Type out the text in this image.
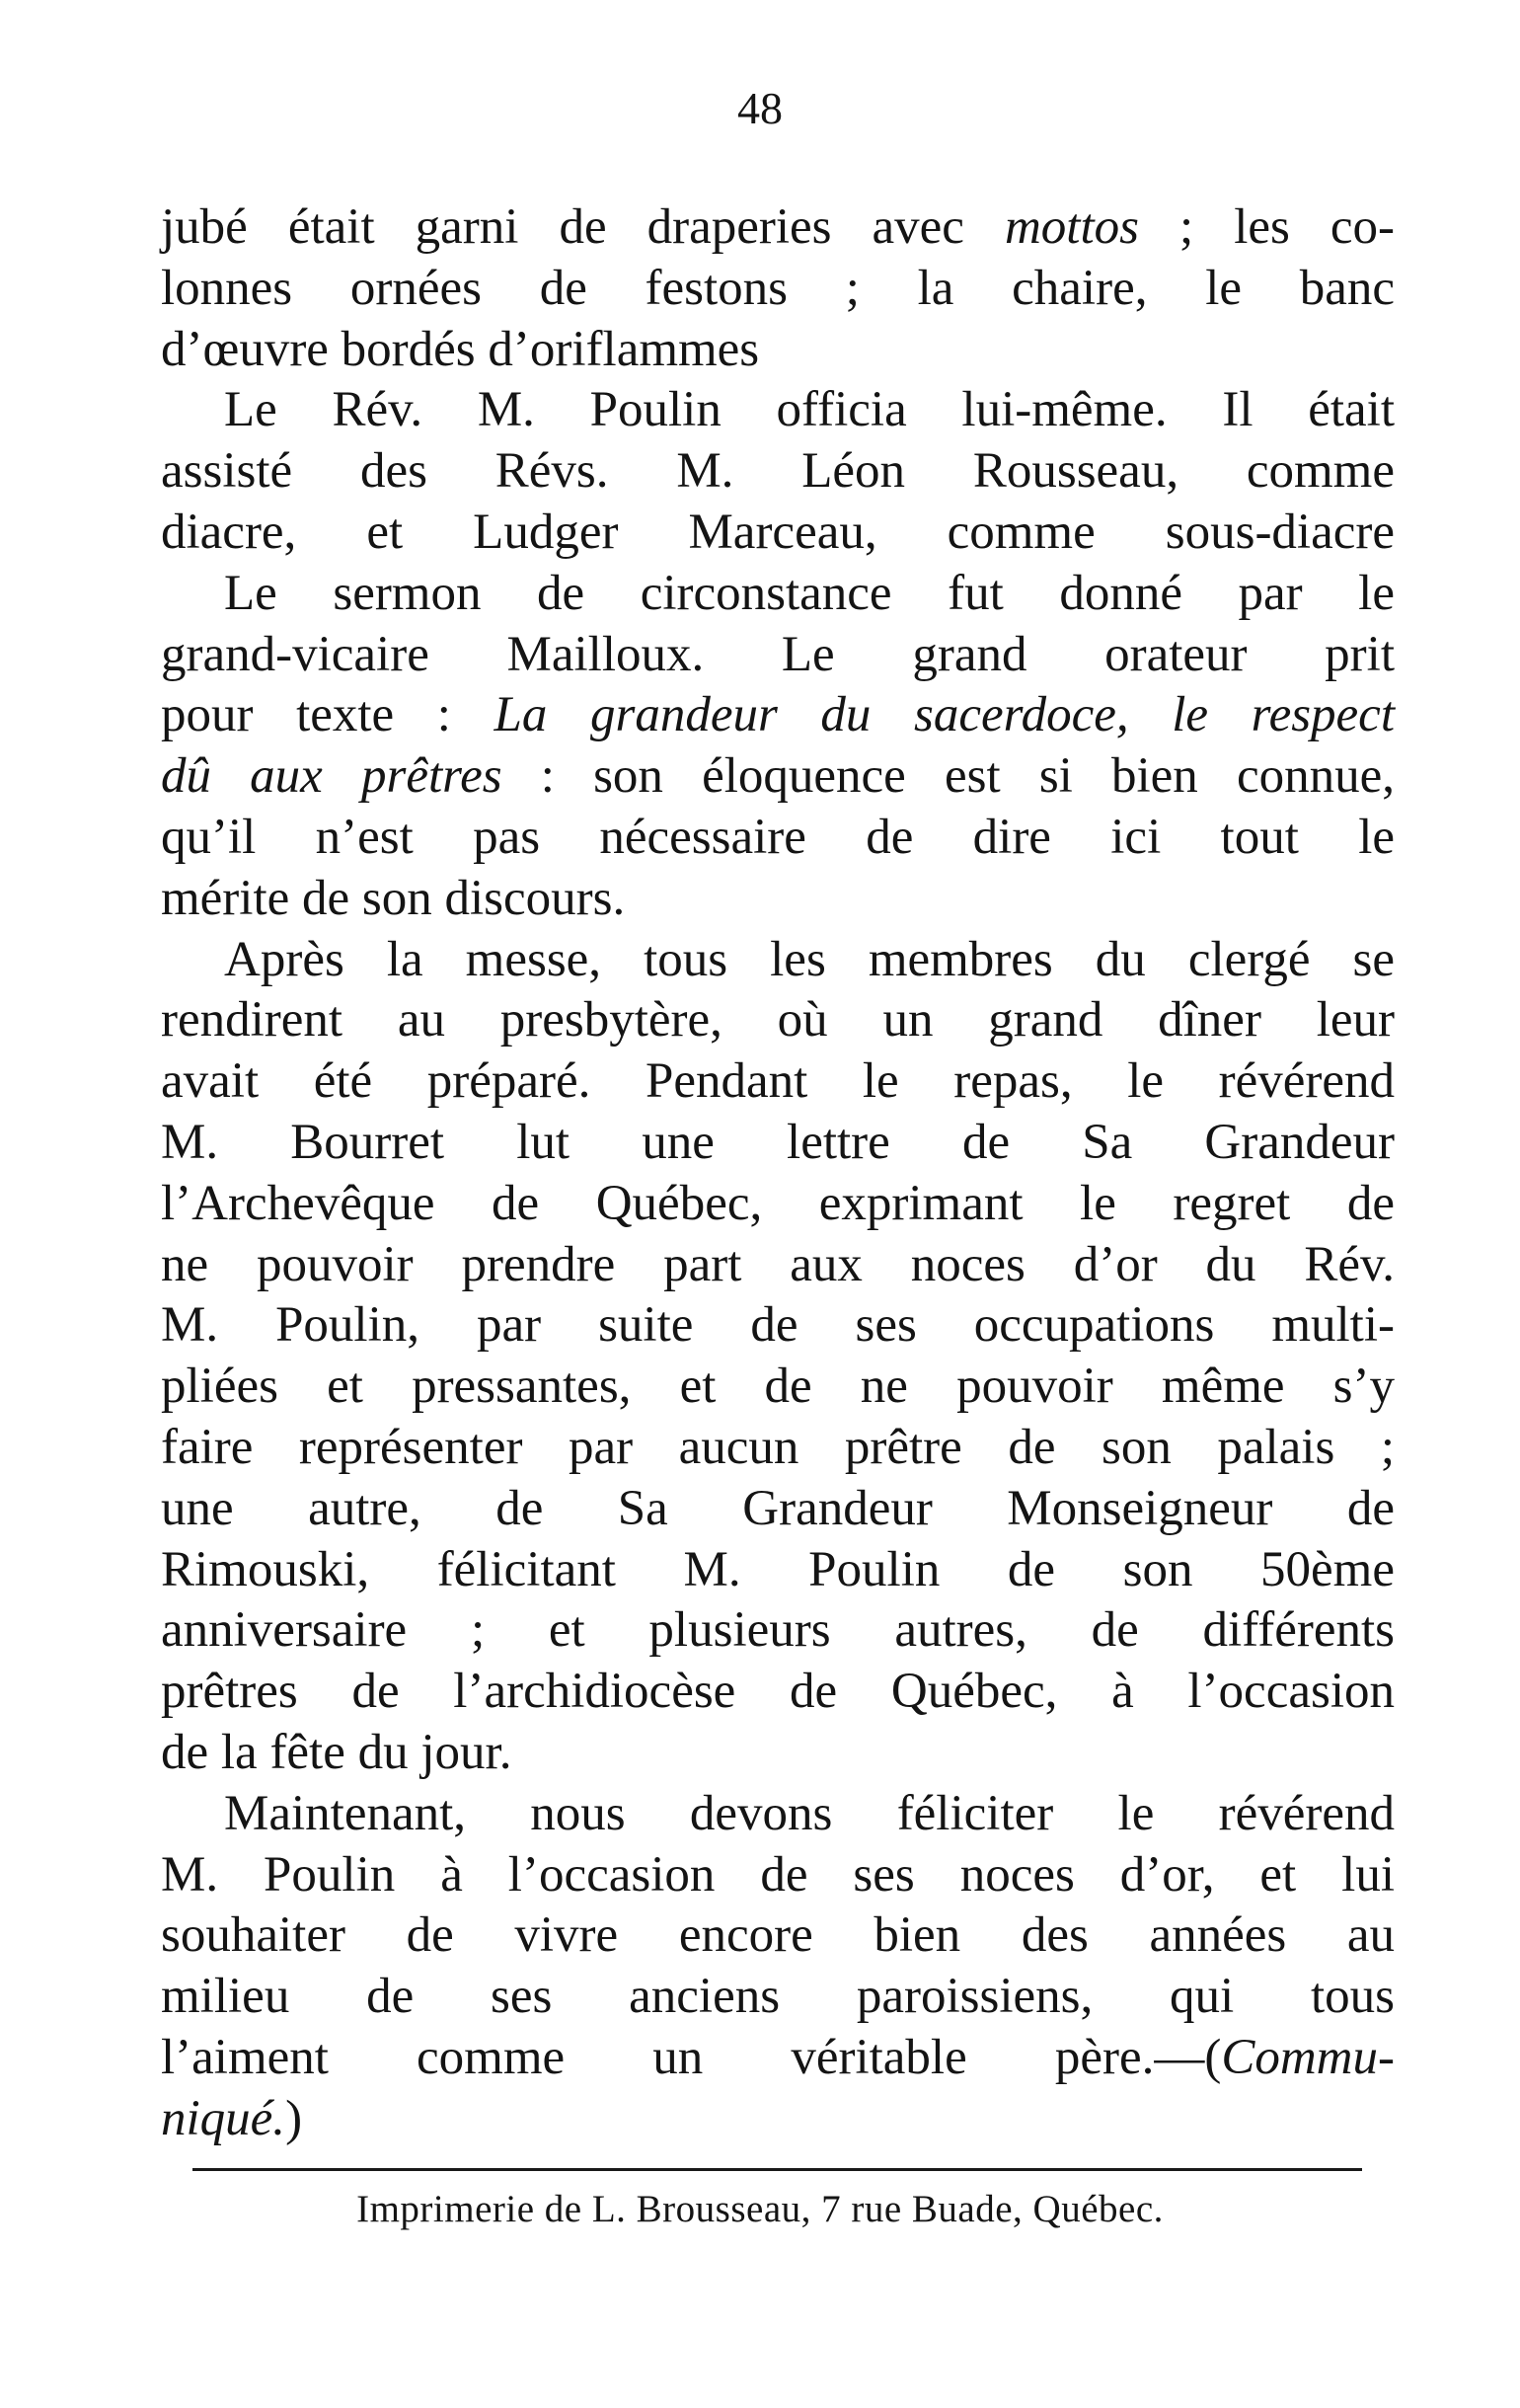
48
jubé était garni de draperies avec mottos ; les co-
lonnes ornées de festons ; la chaire, le banc
d’œuvre bordés d’oriflammes
Le Rév. M. Poulin officia lui-même. Il était
assisté des Révs. M. Léon Rousseau, comme
diacre, et Ludger Marceau, comme sous-diacre
Le sermon de circonstance fut donné par le
grand-vicaire Mailloux. Le grand orateur prit
pour texte : La grandeur du sacerdoce, le respect
dû aux prêtres : son éloquence est si bien connue,
qu’il n’est pas nécessaire de dire ici tout le
mérite de son discours.
Après la messe, tous les membres du clergé se
rendirent au presbytère, où un grand dîner leur
avait été préparé. Pendant le repas, le révérend
M. Bourret lut une lettre de Sa Grandeur
l’Archevêque de Québec, exprimant le regret de
ne pouvoir prendre part aux noces d’or du Rév.
M. Poulin, par suite de ses occupations multi-
pliées et pressantes, et de ne pouvoir même s’y
faire représenter par aucun prêtre de son palais ;
une autre, de Sa Grandeur Monseigneur de
Rimouski, félicitant M. Poulin de son 50ème
anniversaire ; et plusieurs autres, de différents
prêtres de l’archidiocèse de Québec, à l’occasion
de la fête du jour.
Maintenant, nous devons féliciter le révérend
M. Poulin à l’occasion de ses noces d’or, et lui
souhaiter de vivre encore bien des années au
milieu de ses anciens paroissiens, qui tous
l’aiment comme un véritable père.—(Commu-
niqué.)
Imprimerie de L. Brousseau, 7 rue Buade, Québec.
